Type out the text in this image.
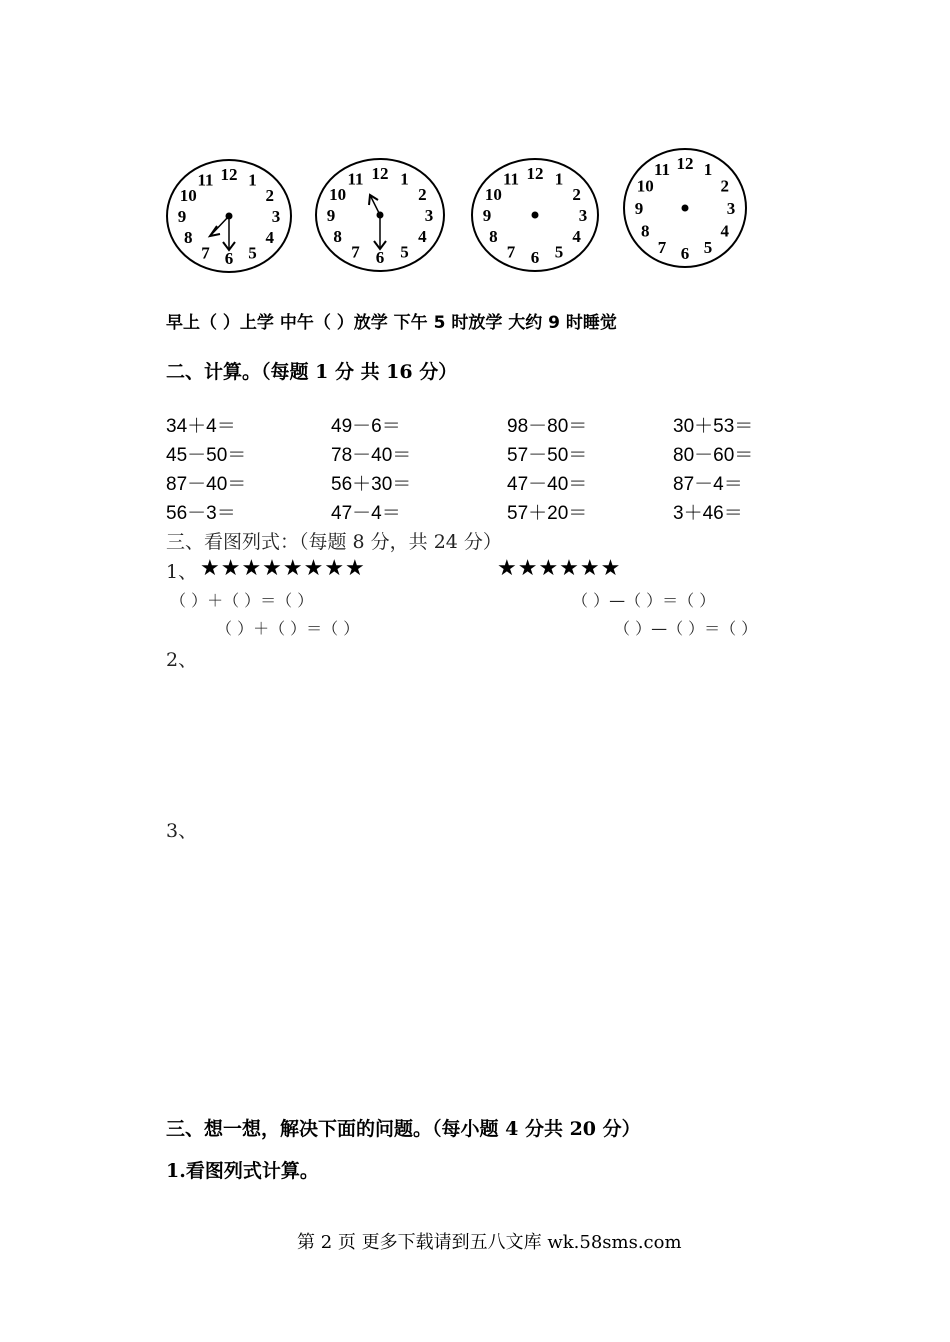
12 1
2
3
4
5
6
7
8
9
10
11	12 1
2
3
4
5
6
7
8
9
10
11	12 1
2
3
4
5
6
7
8
9
10
11
12 1
2
3
4
5
6
7
8
9
10
11
早上（ ）上学 中午（ ）放学 下午 5 时放学 大约 9 时睡觉
二、计算。（每题 1 分 共 16 分）
34＋4＝	49－6＝	98－80＝	30＋53＝
45－50＝	78－40＝	57－50＝	80－60＝
87－40＝	56＋30＝	47－40＝	87－4＝
56－3＝	47－4＝	57＋20＝	3＋46＝
三、看图列式：（每题 8 分，共 24 分）
1、 ★★★★★★★★	★★★★★★
（ ）＋（ ）＝（ ）	（ ）—（ ）＝（ ）
（ ）＋（ ）＝（ ）	（ ）—（ ）＝（ ）
2、
3、
三、想一想，解决下面的问题。（每小题 4 分共 20 分）
1.看图列式计算。
第 2 页 更多下载请到五八文库 wk.58sms.com
